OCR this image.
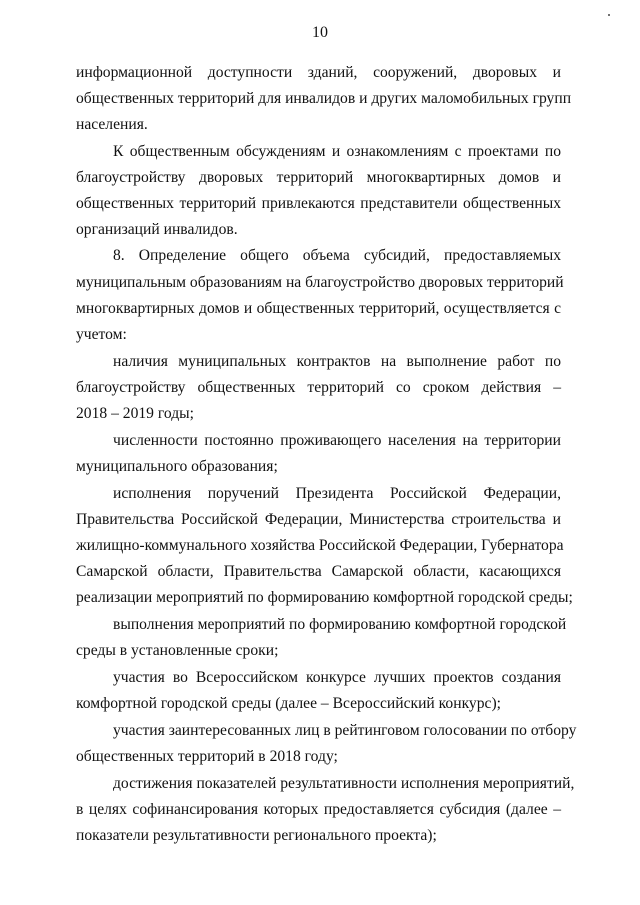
10
информационной доступности зданий, сооружений, дворовых и
общественных территорий для инвалидов и других маломобильных групп
населения.
К общественным обсуждениям и ознакомлениям с проектами по
благоустройству дворовых территорий многоквартирных домов и
общественных территорий привлекаются представители общественных
организаций инвалидов.
8. Определение общего объема субсидий, предоставляемых
муниципальным образованиям на благоустройство дворовых территорий
многоквартирных домов и общественных территорий, осуществляется с
учетом:
наличия муниципальных контрактов на выполнение работ по
благоустройству общественных территорий со сроком действия –
2018 – 2019 годы;
численности постоянно проживающего населения на территории
муниципального образования;
исполнения поручений Президента Российской Федерации,
Правительства Российской Федерации, Министерства строительства и
жилищно-коммунального хозяйства Российской Федерации, Губернатора
Самарской области, Правительства Самарской области, касающихся
реализации мероприятий по формированию комфортной городской среды;
выполнения мероприятий по формированию комфортной городской
среды в установленные сроки;
участия во Всероссийском конкурсе лучших проектов создания
комфортной городской среды (далее – Всероссийский конкурс);
участия заинтересованных лиц в рейтинговом голосовании по отбору
общественных территорий в 2018 году;
достижения показателей результативности исполнения мероприятий,
в целях софинансирования которых предоставляется субсидия (далее –
показатели результативности регионального проекта);
